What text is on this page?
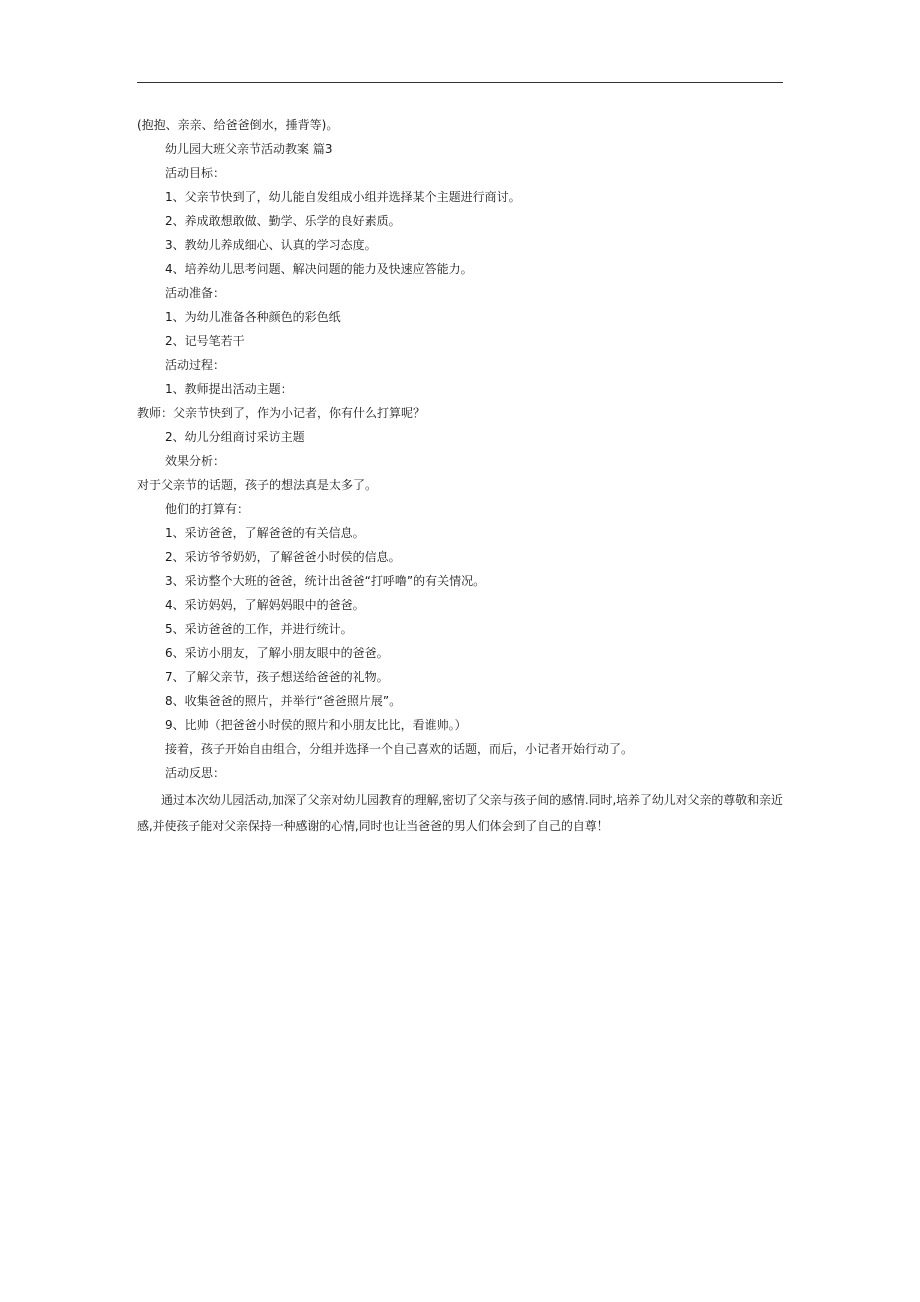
(抱抱、亲亲、给爸爸倒水，捶背等)。
幼儿园大班父亲节活动教案 篇3
活动目标：
1、父亲节快到了，幼儿能自发组成小组并选择某个主题进行商讨。
2、养成敢想敢做、勤学、乐学的良好素质。
3、教幼儿养成细心、认真的学习态度。
4、培养幼儿思考问题、解决问题的能力及快速应答能力。
活动准备：
1、为幼儿准备各种颜色的彩色纸
2、记号笔若干
活动过程：
1、教师提出活动主题：
教师：父亲节快到了，作为小记者，你有什么打算呢？
2、幼儿分组商讨采访主题
效果分析：
对于父亲节的话题，孩子的想法真是太多了。
他们的打算有：
1、采访爸爸，了解爸爸的有关信息。
2、采访爷爷奶奶，了解爸爸小时侯的信息。
3、采访整个大班的爸爸，统计出爸爸“打呼噜”的有关情况。
4、采访妈妈，了解妈妈眼中的爸爸。
5、采访爸爸的工作，并进行统计。
6、采访小朋友，了解小朋友眼中的爸爸。
7、了解父亲节，孩子想送给爸爸的礼物。
8、收集爸爸的照片，并举行“爸爸照片展”。
9、比帅（把爸爸小时侯的照片和小朋友比比，看谁帅。）
接着，孩子开始自由组合，分组并选择一个自己喜欢的话题，而后，小记者开始行动了。
活动反思：
通过本次幼儿园活动,加深了父亲对幼儿园教育的理解,密切了父亲与孩子间的感情.同时,培养了幼儿对父亲的尊敬和亲近感,并使孩子能对父亲保持一种感谢的心情,同时也让当爸爸的男人们体会到了自己的自尊！
